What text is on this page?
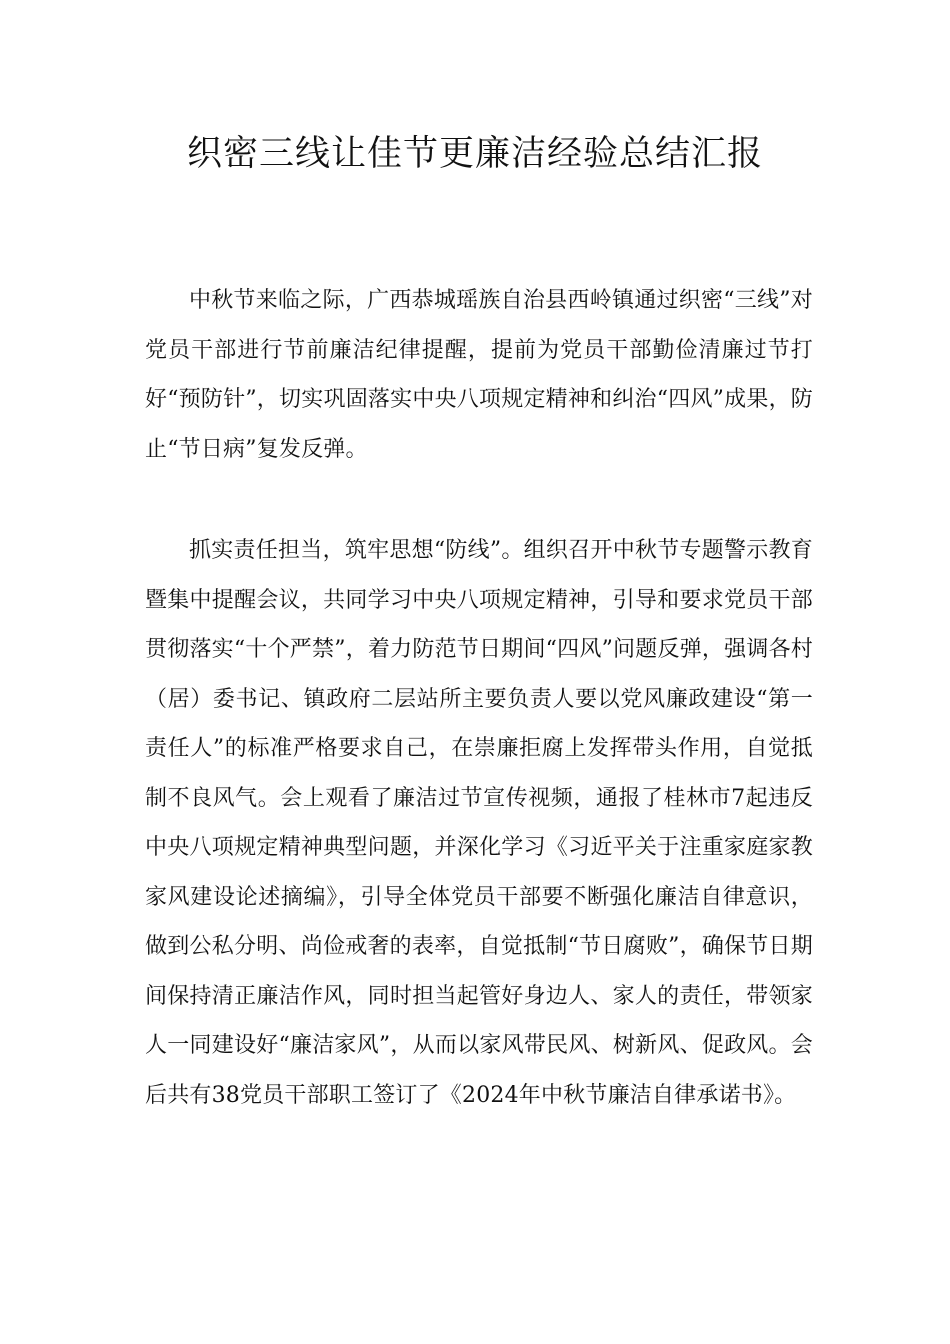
织密三线让佳节更廉洁经验总结汇报

中秋节来临之际，广西恭城瑶族自治县西岭镇通过织密“三线”对党员干部进行节前廉洁纪律提醒，提前为党员干部勤俭清廉过节打好“预防针”，切实巩固落实中央八项规定精神和纠治“四风”成果，防止“节日病”复发反弹。

抓实责任担当，筑牢思想“防线”。组织召开中秋节专题警示教育暨集中提醒会议，共同学习中央八项规定精神，引导和要求党员干部贯彻落实“十个严禁”，着力防范节日期间“四风”问题反弹，强调各村（居）委书记、镇政府二层站所主要负责人要以党风廉政建设“第一责任人”的标准严格要求自己，在崇廉拒腐上发挥带头作用，自觉抵制不良风气。会上观看了廉洁过节宣传视频，通报了桂林市7起违反中央八项规定精神典型问题，并深化学习《习近平关于注重家庭家教家风建设论述摘编》，引导全体党员干部要不断强化廉洁自律意识，做到公私分明、尚俭戒奢的表率，自觉抵制“节日腐败”，确保节日期间保持清正廉洁作风，同时担当起管好身边人、家人的责任，带领家人一同建设好“廉洁家风”，从而以家风带民风、树新风、促政风。会后共有38党员干部职工签订了《2024年中秋节廉洁自律承诺书》。
